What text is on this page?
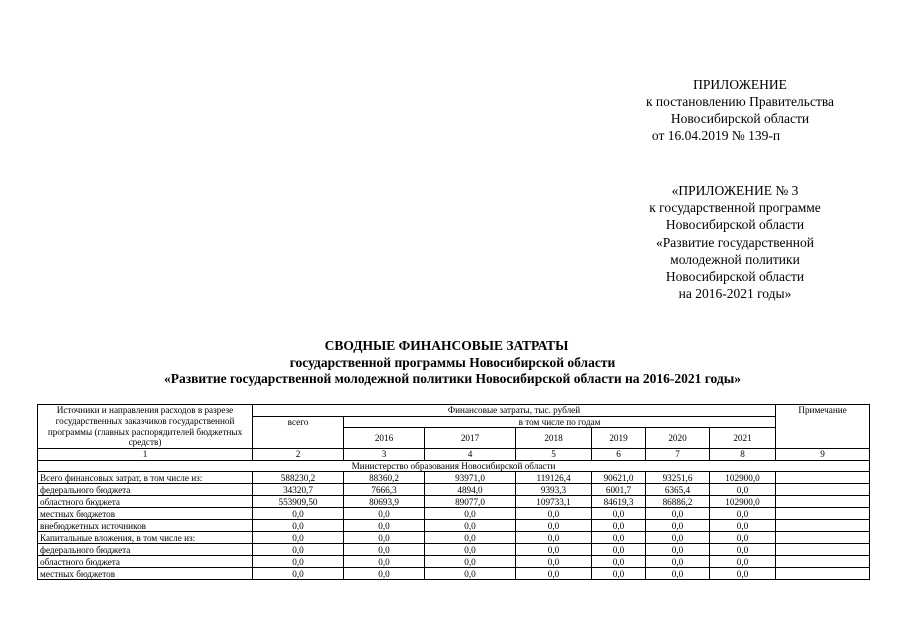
ПРИЛОЖЕНИЕ
к постановлению Правительства
Новосибирской области
от 16.04.2019 № 139-п
«ПРИЛОЖЕНИЕ № 3
к государственной программе
Новосибирской области
«Развитие государственной
молодежной политики
Новосибирской области
на 2016-2021 годы»
СВОДНЫЕ ФИНАНСОВЫЕ ЗАТРАТЫ
государственной программы Новосибирской области
«Развитие государственной молодежной политики Новосибирской области на 2016-2021 годы»
Источники и направления расходов в разрезе государственных заказчиков государственной программы (главных распорядителей бюджетных средств)	Финансовые затраты, тыс. рублей							Примечание
	всего	в том числе по годам						
		2016	2017	2018	2019	2020	2021	
1	2	3	4	5	6	7	8	9
Министерство образования Новосибирской области								
Всего финансовых затрат, в том числе из:	588230,2	88360,2	93971,0	119126,4	90621,0	93251,6	102900,0	
федерального бюджета	34320,7	7666,3	4894,0	9393,3	6001,7	6365,4	0,0	
областного бюджета	553909,50	80693,9	89077,0	109733,1	84619,3	86886,2	102900,0	
местных бюджетов	0,0	0,0	0,0	0,0	0,0	0,0	0,0	
внебюджетных источников	0,0	0,0	0,0	0,0	0,0	0,0	0,0	
Капитальные вложения, в том числе из:	0,0	0,0	0,0	0,0	0,0	0,0	0,0	
федерального бюджета	0,0	0,0	0,0	0,0	0,0	0,0	0,0	
областного бюджета	0,0	0,0	0,0	0,0	0,0	0,0	0,0	
местных бюджетов	0,0	0,0	0,0	0,0	0,0	0,0	0,0	
